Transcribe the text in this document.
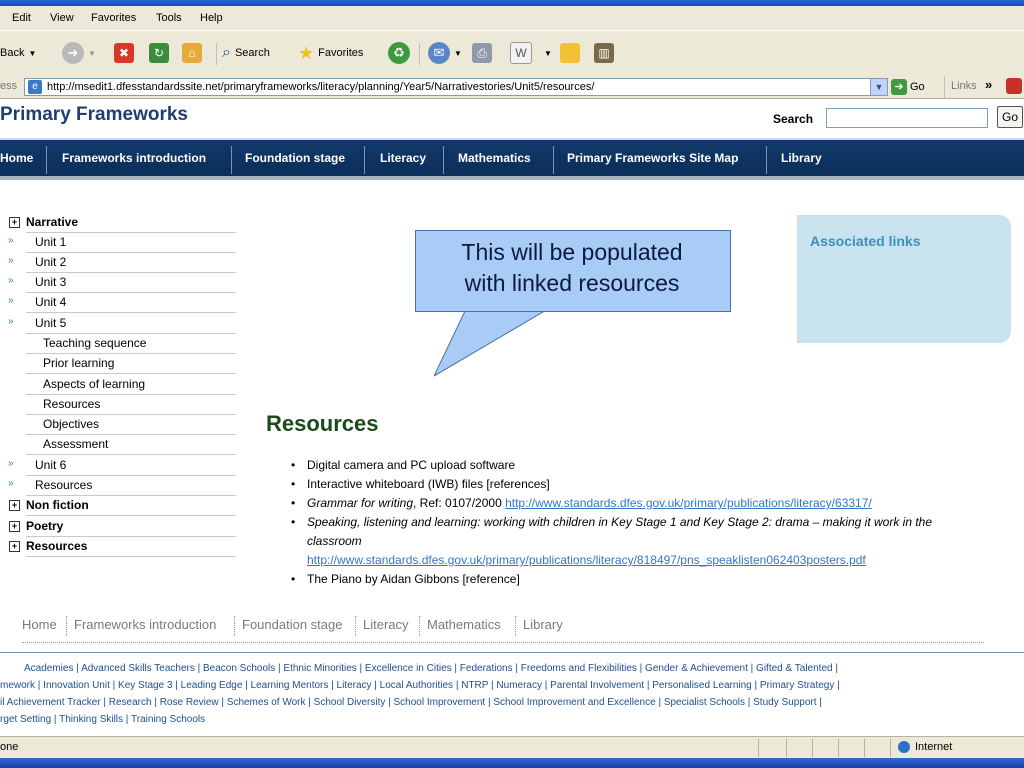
Edit View Favorites Tools Help
Back ▼	➜	▼	✖	↻	⌂	⌕ Search ★ Favorites	♻	✉	▼	⎙	W	▼	▥
ess	e http://msedit1.dfesstandardssite.net/primaryframeworks/literacy/planning/Year5/Narrativestories/Unit5/resources/	▼ ➜ Go Links »
Primary Frameworks	Search	Go
Home Frameworks introduction	Foundation stage	Literacy	Mathematics	Primary Frameworks Site Map	Library
+ Narrative
» Unit 1
» Unit 2
» Unit 3
» Unit 4
» Unit 5
Teaching sequence
Prior learning
Aspects of learning
Resources
Objectives
Assessment
» Unit 6
» Resources
+ Non fiction
+ Poetry
+ Resources
This will be populated
with linked resources
Associated links
Resources
• Digital camera and PC upload software
• Interactive whiteboard (IWB) files [references]
• Grammar for writing, Ref: 0107/2000 http://www.standards.dfes.gov.uk/primary/publications/literacy/63317/
• Speaking, listening and learning: working with children in Key Stage 1 and Key Stage 2: drama – making it work in the classroom
http://www.standards.dfes.gov.uk/primary/publications/literacy/818497/pns_speaklisten062403posters.pdf
• The Piano by Aidan Gibbons [reference]
Home Frameworks introduction Foundation stage Literacy Mathematics Library
Academies | Advanced Skills Teachers | Beacon Schools | Ethnic Minorities | Excellence in Cities | Federations | Freedoms and Flexibilities | Gender & Achievement | Gifted & Talented |
mework | Innovation Unit | Key Stage 3 | Leading Edge | Learning Mentors | Literacy | Local Authorities | NTRP | Numeracy | Parental Involvement | Personalised Learning | Primary Strategy |
il Achievement Tracker | Research | Rose Review | Schemes of Work | School Diversity | School Improvement | School Improvement and Excellence | Specialist Schools | Study Support |
rget Setting | Thinking Skills | Training Schools
one	Internet
